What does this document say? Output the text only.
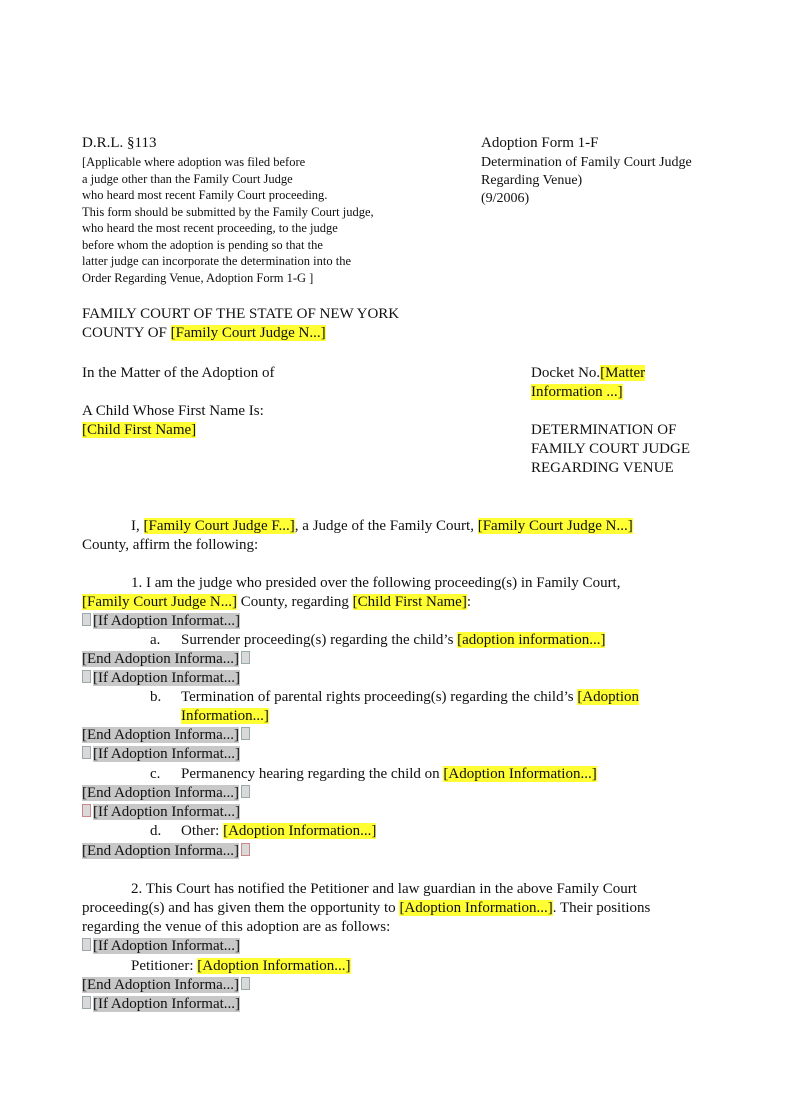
D.R.L. §113
[Applicable where adoption was filed before
a judge other than the Family Court Judge
who heard most recent Family Court proceeding.
This form should be submitted by the Family Court judge,
who heard the most recent proceeding, to the judge
before whom the adoption is pending so that the
latter judge can incorporate the determination into the
Order Regarding Venue, Adoption Form 1-G ]
Adoption Form 1-F
Determination of Family Court Judge
Regarding Venue)
(9/2006)
FAMILY COURT OF THE STATE OF NEW YORK
COUNTY OF [Family Court Judge N...]
In the Matter of the Adoption of
A Child Whose First Name Is:
[Child First Name]
Docket No.[Matter
Information ...]
DETERMINATION OF
FAMILY COURT JUDGE
REGARDING VENUE
I, [Family Court Judge F...], a Judge of the Family Court, [Family Court Judge N...]
County, affirm the following:
1. I am the judge who presided over the following proceeding(s) in Family Court,
[Family Court Judge N...] County, regarding [Child First Name]:
[If Adoption Informat...]
a. Surrender proceeding(s) regarding the child’s [adoption information...]
[End Adoption Informa...]
[If Adoption Informat...]
b. Termination of parental rights proceeding(s) regarding the child’s [Adoption
Information...]
[End Adoption Informa...]
[If Adoption Informat...]
c. Permanency hearing regarding the child on [Adoption Information...]
[End Adoption Informa...]
[If Adoption Informat...]
d. Other: [Adoption Information...]
[End Adoption Informa...]
2. This Court has notified the Petitioner and law guardian in the above Family Court
proceeding(s) and has given them the opportunity to [Adoption Information...]. Their positions
regarding the venue of this adoption are as follows:
[If Adoption Informat...]
Petitioner: [Adoption Information...]
[End Adoption Informa...]
[If Adoption Informat...]
